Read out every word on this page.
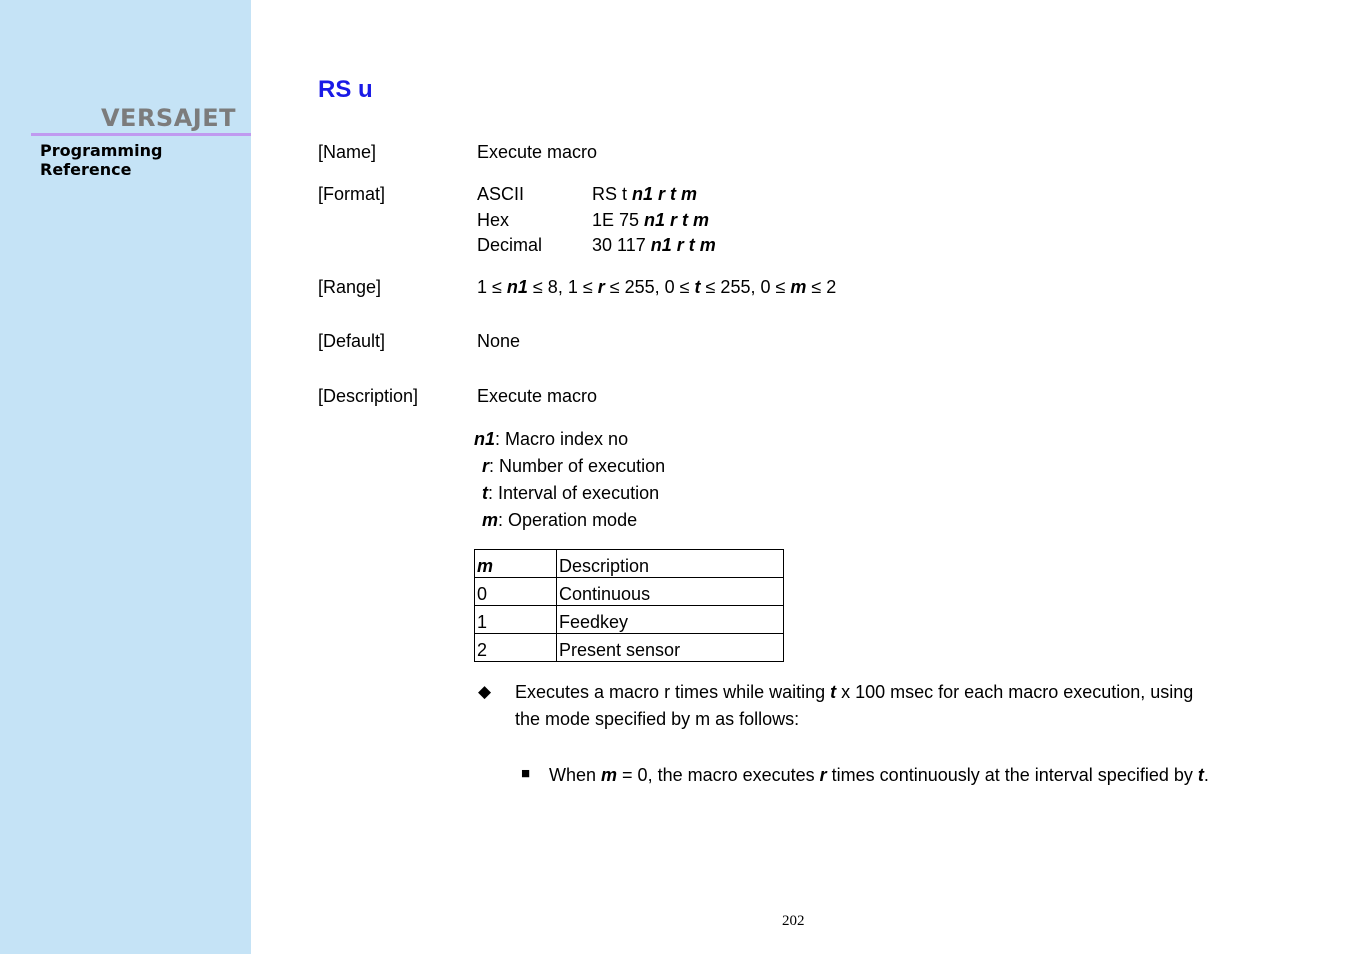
VERSAJET
Programming Reference
RS u
[Name]	Execute macro
[Format]	ASCII	RS t n1 r t m
Hex	1E 75 n1 r t m
Decimal	30 117 n1 r t m
[Range]	1 ≤ n1 ≤ 8, 1 ≤ r ≤ 255, 0 ≤ t ≤ 255, 0 ≤ m ≤ 2
[Default]	None
[Description]	Execute macro
n1: Macro index no
r: Number of execution
t: Interval of execution
m: Operation mode
m	Description
0	Continuous
1	Feedkey
2	Present sensor
◆ Executes a macro r times while waiting t x 100 msec for each macro execution, using
the mode specified by m as follows:
■ When m = 0, the macro executes r times continuously at the interval specified by t.
202
